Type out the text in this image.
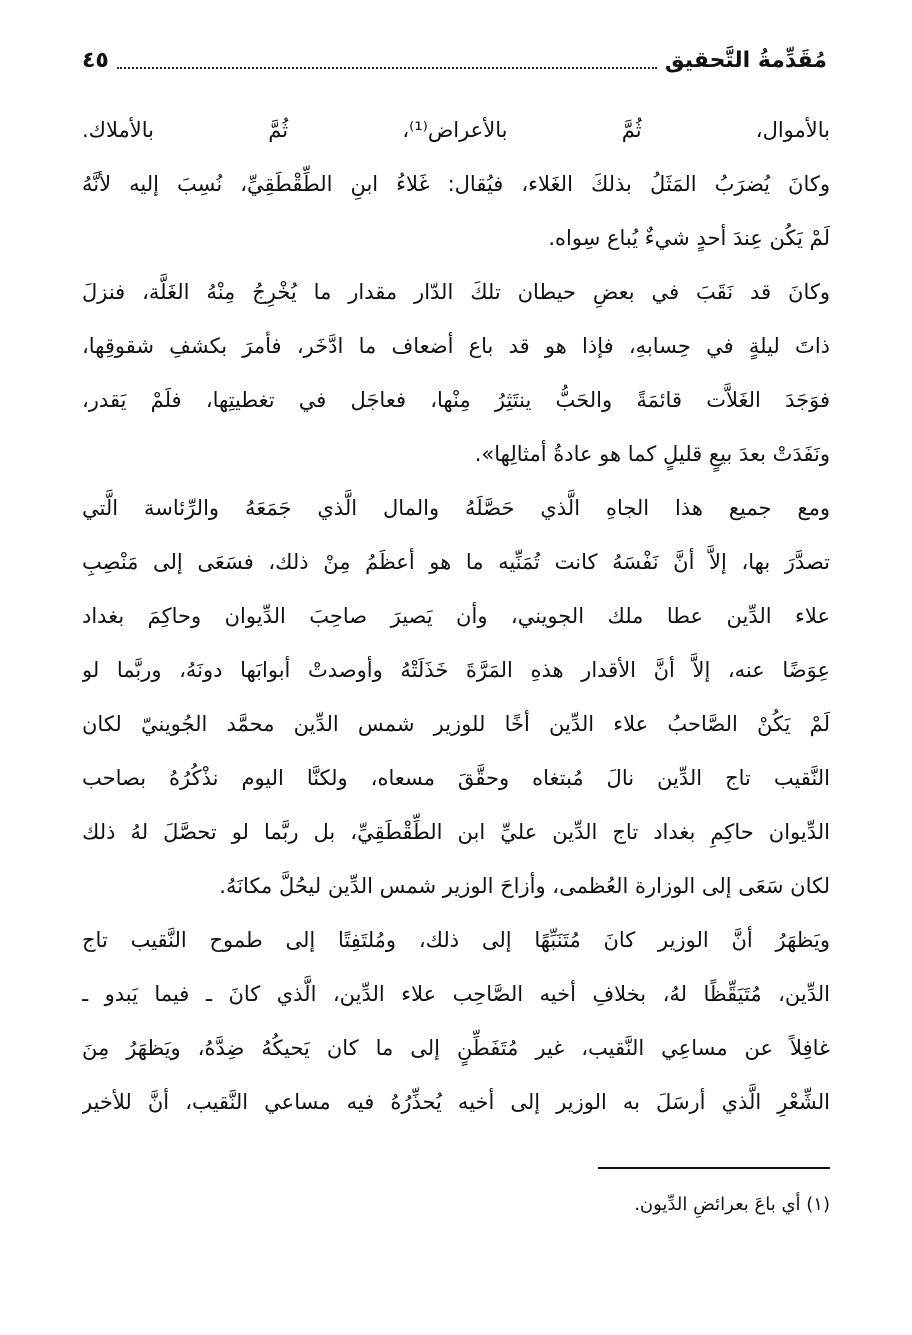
مُقَدِّمةُ التَّحقيق
٤٥
بالأموال، ثُمَّ بالأعراض⁽¹⁾، ثُمَّ بالأملاك.
وكانَ يُضرَبُ المَثَلُ بذلكَ الغَلاء، فيُقال: غَلاءُ ابنِ الطِّقْطَقِيِّ، نُسِبَ إليه لأنَّهُ
لَمْ يَكُن عِندَ أحدٍ شيءٌ يُباع سِواه.
وكانَ قد نَقَبَ في بعضِ حيطان تلكَ الدّار مقدار ما يُخْرِجُ مِنْهُ الغَلَّة، فنزلَ
ذاتَ ليلةٍ في حِسابهِ، فإذا هو قد باع أضعاف ما ادَّخَر، فأمرَ بكشفِ شقوقِها،
فوَجَدَ الغَلاَّت قائمَةً والحَبُّ ينتَثِرُ مِنْها، فعاجَل في تغطيتِها، فلَمْ يَقدر،
ونَفَدَتْ بعدَ بيعٍ قليلٍ كما هو عادةُ أمثالِها».
ومع جميع هذا الجاهِ الَّذي حَصَّلَهُ والمال الَّذي جَمَعَهُ والرِّئاسة الَّتي
تصدَّرَ بها، إلاَّ أنَّ نَفْسَهُ كانت تُمَنِّيه ما هو أعظَمُ مِنْ ذلك، فسَعَى إلى مَنْصِبِ
علاء الدِّين عطا ملك الجويني، وأن يَصيرَ صاحِبَ الدِّيوان وحاكِمَ بغداد
عِوَضًا عنه، إلاَّ أنَّ الأقدار هذهِ المَرَّةَ خَذَلَتْهُ وأوصدتْ أبوابَها دونَهُ، وربَّما لو
لَمْ يَكُنْ الصَّاحبُ علاء الدِّين أخًا للوزير شمس الدِّين محمَّد الجُوينيّ لكان
النَّقيب تاج الدِّين نالَ مُبتغاه وحقَّقَ مسعاه، ولكنَّا اليوم نذْكُرُهُ بصاحب
الدِّيوان حاكِمِ بغداد تاج الدِّين عليِّ ابن الطِّقْطَقِيِّ، بل ربَّما لو تحصَّلَ لهُ ذلك
لكان سَعَى إلى الوزارة العُظمى، وأزاحَ الوزير شمس الدِّين ليحُلَّ مكانَهُ.
ويَظهَرُ أنَّ الوزير كانَ مُتَنَبِّهًا إلى ذلك، ومُلتَفِتًا إلى طموح النَّقيب تاج
الدِّين، مُتَيَقِّظًا لهُ، بخلافِ أخيه الصَّاحِب علاء الدِّين، الَّذي كانَ ـ فيما يَبدو ـ
غافِلاً عن مساعِي النَّقيب، غير مُتَفَطِّنٍ إلى ما كان يَحيكُهُ ضِدَّهُ، ويَظهَرُ مِنَ
الشِّعْرِ الَّذي أرسَلَ به الوزير إلى أخيه يُحذِّرُهُ فيه مساعي النَّقيب، أنَّ للأخير
(١) أي باعَ بعرائضِ الدِّيون.
